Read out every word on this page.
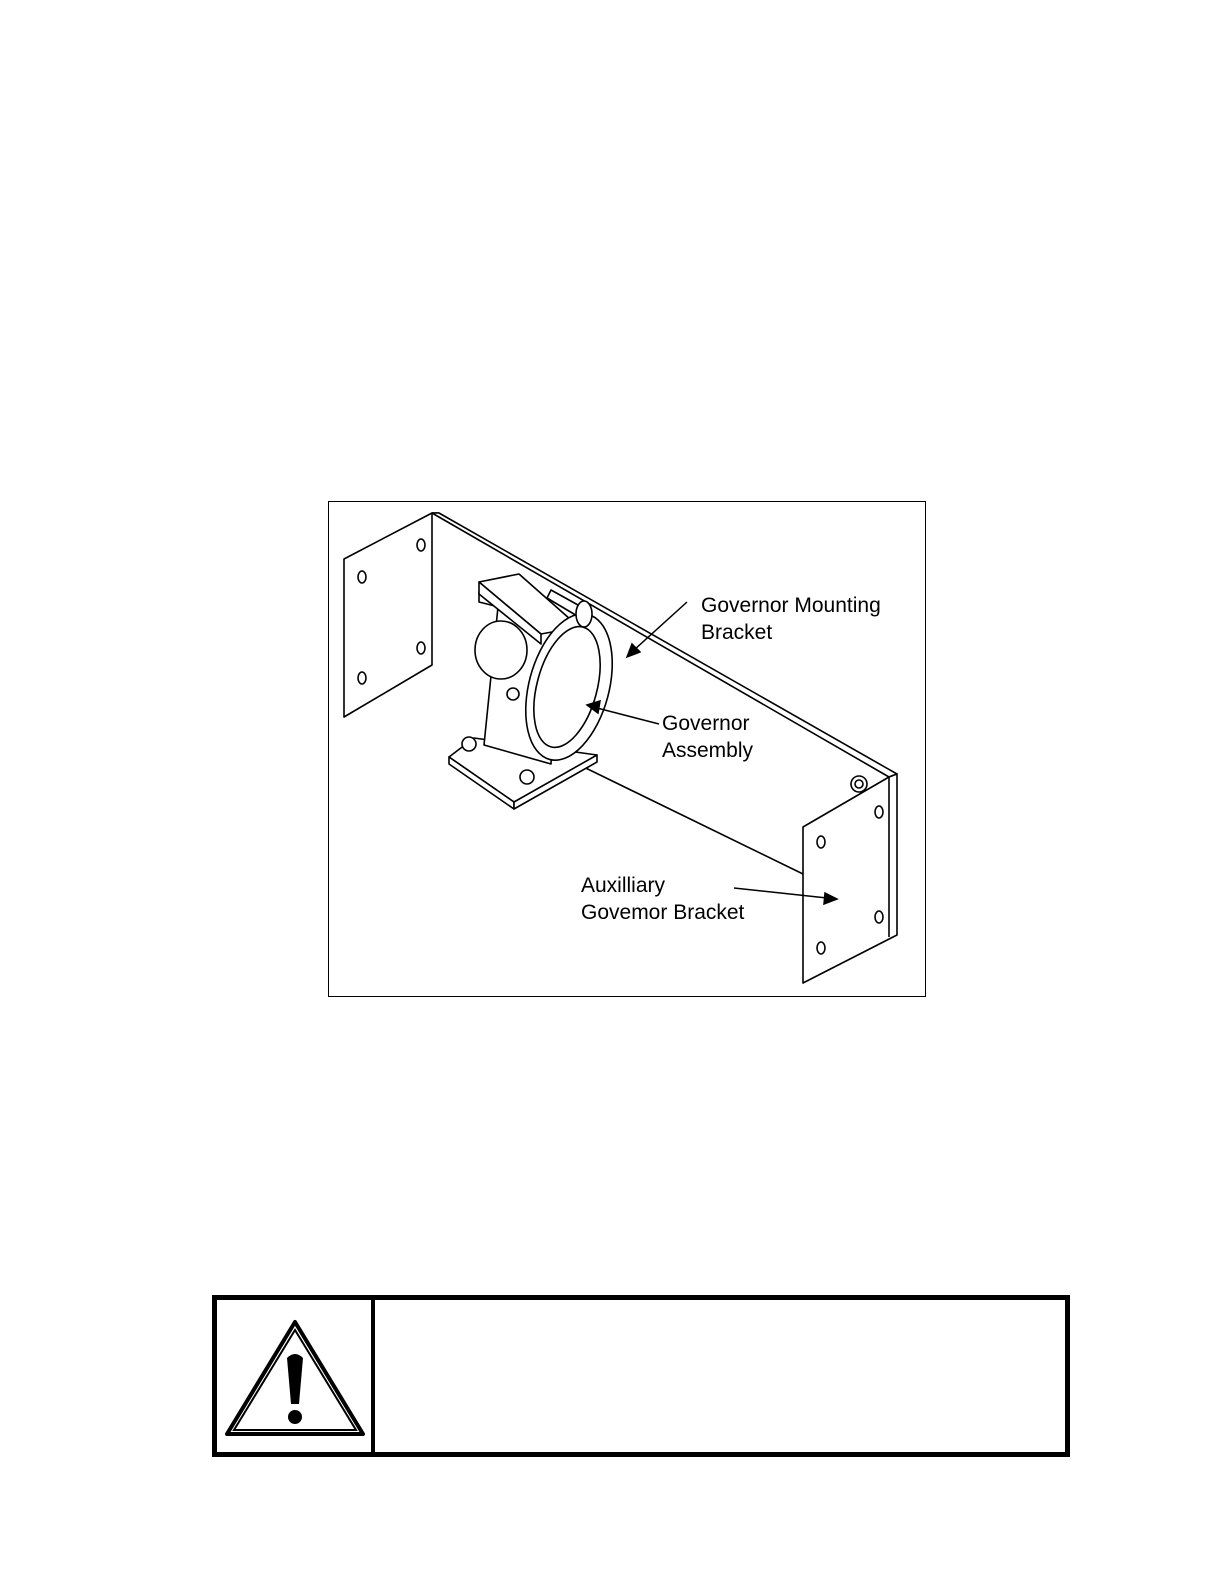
Governor Mounting
Bracket
Governor
Assembly
Auxilliary
Govemor Bracket
